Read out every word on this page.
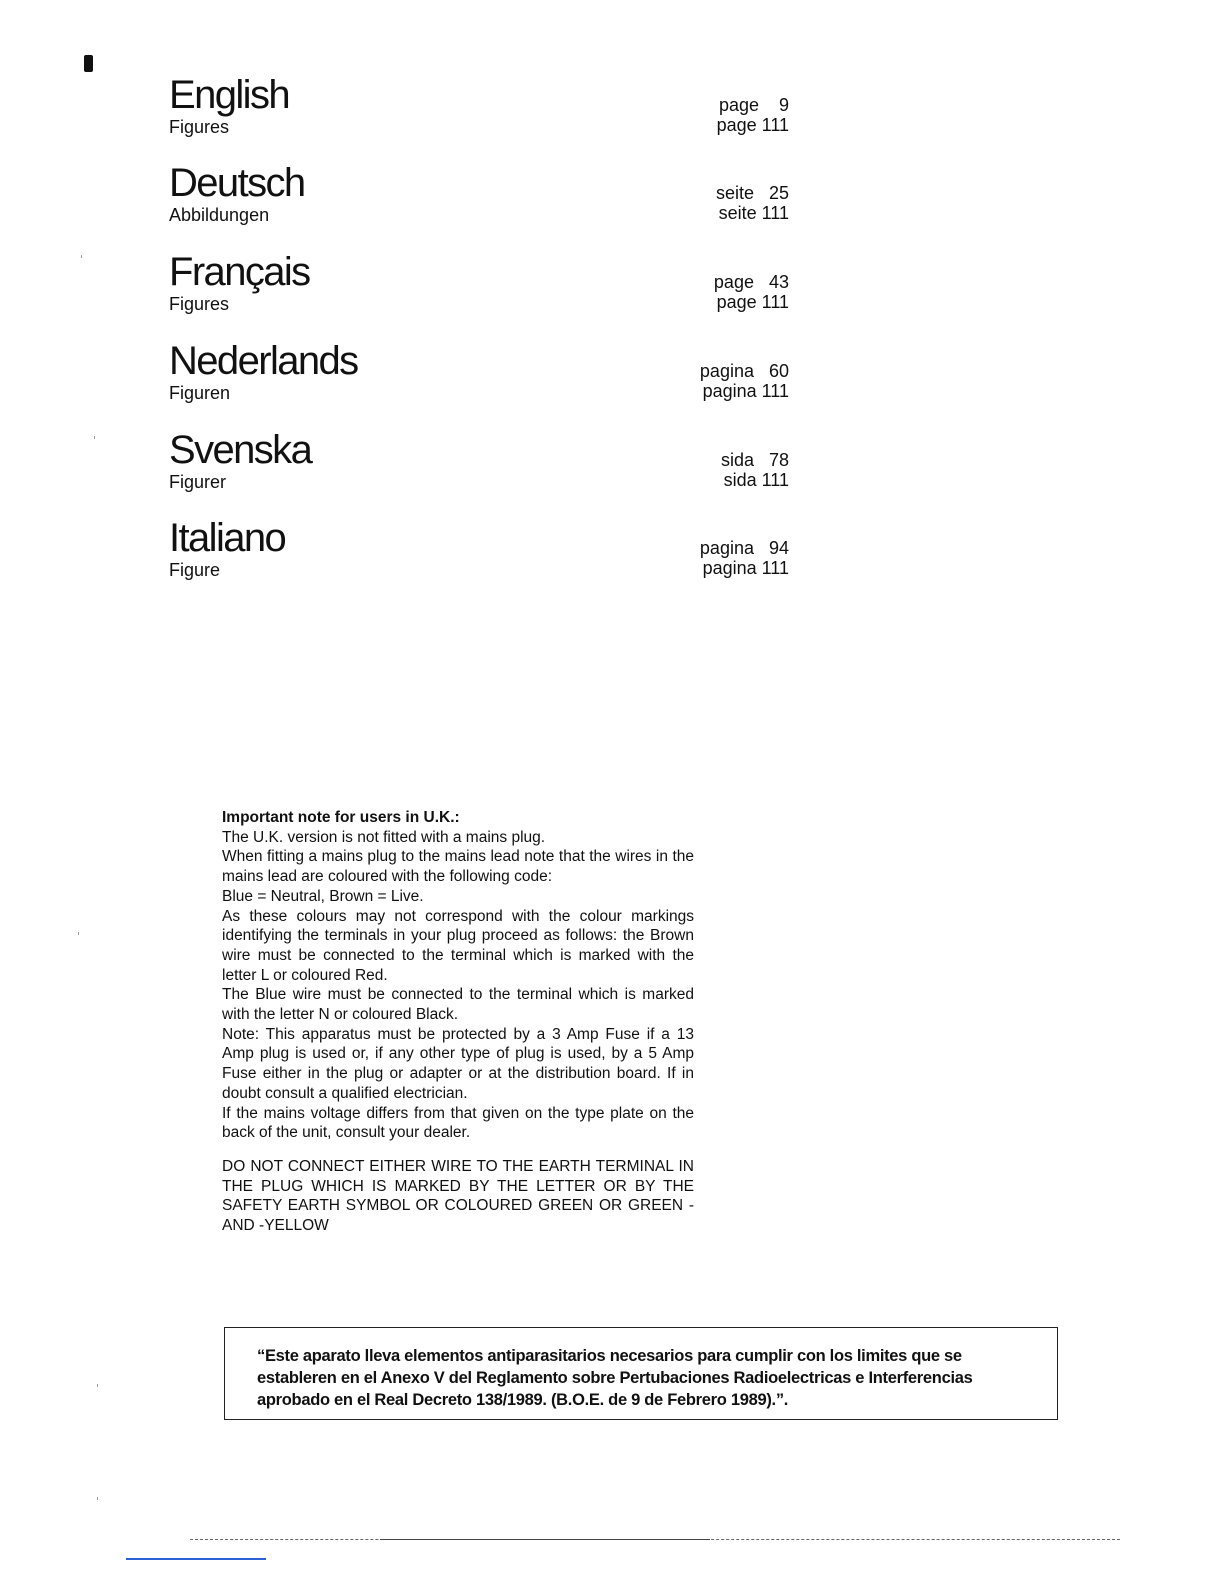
English
Figures
page    9
page 111
Deutsch
Abbildungen
seite   25
seite 111
Français
Figures
page   43
page 111
Nederlands
Figuren
pagina   60
pagina 111
Svenska
Figurer
sida   78
sida 111
Italiano
Figure
pagina   94
pagina 111

Important note for users in U.K.:

The U.K. version is not fitted with a mains plug.

When fitting a mains plug to the mains lead note that the wires in the mains lead are coloured with the following code:

Blue = Neutral, Brown = Live.

As these colours may not correspond with the colour markings identifying the terminals in your plug proceed as follows: the Brown wire must be connected to the terminal which is marked with the letter L or coloured Red.

The Blue wire must be connected to the terminal which is marked with the letter N or coloured Black.

Note: This apparatus must be protected by a 3 Amp Fuse if a 13 Amp plug is used or, if any other type of plug is used, by a 5 Amp Fuse either in the plug or adapter or at the distribution board. If in doubt consult a qualified electrician.

If the mains voltage differs from that given on the type plate on the back of the unit, consult your dealer.

DO NOT CONNECT EITHER WIRE TO THE EARTH TERMINAL IN THE PLUG WHICH IS MARKED BY THE LETTER OR BY THE SAFETY EARTH SYMBOL OR COLOURED GREEN OR GREEN - AND -YELLOW

“Este aparato lleva elementos antiparasitarios necesarios para cumplir con los limites que se estableren en el Anexo V del Reglamento sobre Pertubaciones Radioelectricas e Interferencias aprobado en el Real Decreto 138/1989. (B.O.E. de 9 de Febrero 1989).”.
